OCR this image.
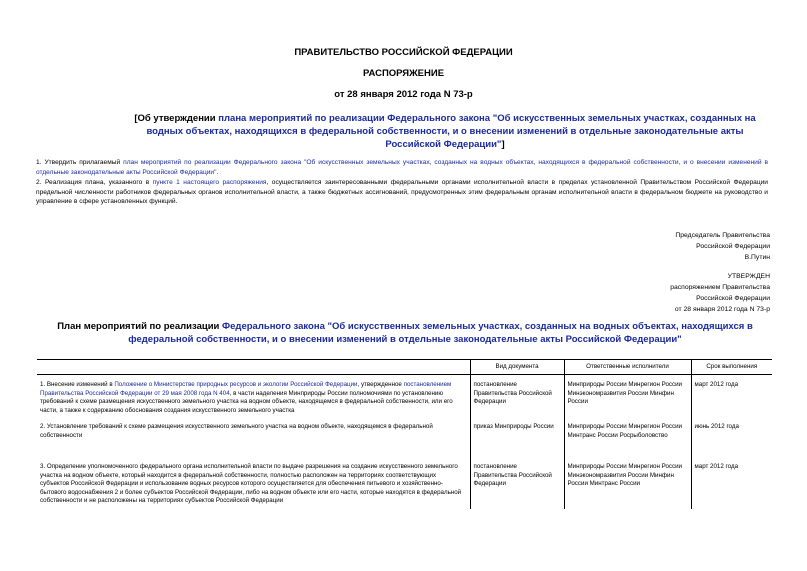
ПРАВИТЕЛЬСТВО РОССИЙСКОЙ ФЕДЕРАЦИИ
РАСПОРЯЖЕНИЕ
от 28 января 2012 года N 73-р
[Об утверждении плана мероприятий по реализации Федерального закона "Об искусственных земельных участках, созданных на водных объектах, находящихся в федеральной собственности, и о внесении изменений в отдельные законодательные акты Российской Федерации"]
1. Утвердить прилагаемый план мероприятий по реализации Федерального закона "Об искусственных земельных участках, созданных на водных объектах, находящихся в федеральной собственности, и о внесении изменений в отдельные законодательные акты Российской Федерации".
2. Реализация плана, указанного в пункте 1 настоящего распоряжения, осуществляется заинтересованными федеральными органами исполнительной власти в пределах установленной Правительством Российской Федерации предельной численности работников федеральных органов исполнительной власти, а также бюджетных ассигнований, предусмотренных этим федеральным органам исполнительной власти в федеральном бюджете на руководство и управление в сфере установленных функций.
Председатель Правительства
Российской Федерации
В.Путин
УТВЕРЖДЕН
распоряжением Правительства
Российской Федерации
от 28 января 2012 года N 73-р
План мероприятий по реализации Федерального закона "Об искусственных земельных участках, созданных на водных объектах, находящихся в федеральной собственности, и о внесении изменений в отдельные законодательные акты Российской Федерации"
	Вид документа	Ответственные исполнители	Срок выполнения
1. Внесение изменений в Положение о Министерстве природных ресурсов и экологии Российской Федерации, утвержденное постановлением Правительства Российской Федерации от 29 мая 2008 года N 404, в части наделения Минприроды России полномочиями по установлению требований к схеме размещения искусственного земельного участка на водном объекте, находящемся в федеральной собственности, или его части, а также к содержанию обоснования создания искусственного земельного участка	постановление Правительства Российской Федерации	Минприроды России Минрегион России Минэкономразвития России Минфин России	март 2012 года
2. Установление требований к схеме размещения искусственного земельного участка на водном объекте, находящемся в федеральной собственности	приказ Минприроды России	Минприроды России Минрегион России Минтранс России Росрыболовство	июнь 2012 года
3. Определение уполномоченного федерального органа исполнительной власти по выдаче разрешения на создание искусственного земельного участка на водном объекте, который находится в федеральной собственности, полностью расположен на территориях соответствующих субъектов Российской Федерации и использование водных ресурсов которого осуществляется для обеспечения питьевого и хозяйственно-бытового водоснабжения 2 и более субъектов Российской Федерации, либо на водном объекте или его части, которые находятся в федеральной собственности и не расположены на территориях субъектов Российской Федерации	постановление Правительства Российской Федерации	Минприроды России Минрегион России Минэкономразвития России Минфин России Минтранс России	март 2012 года
